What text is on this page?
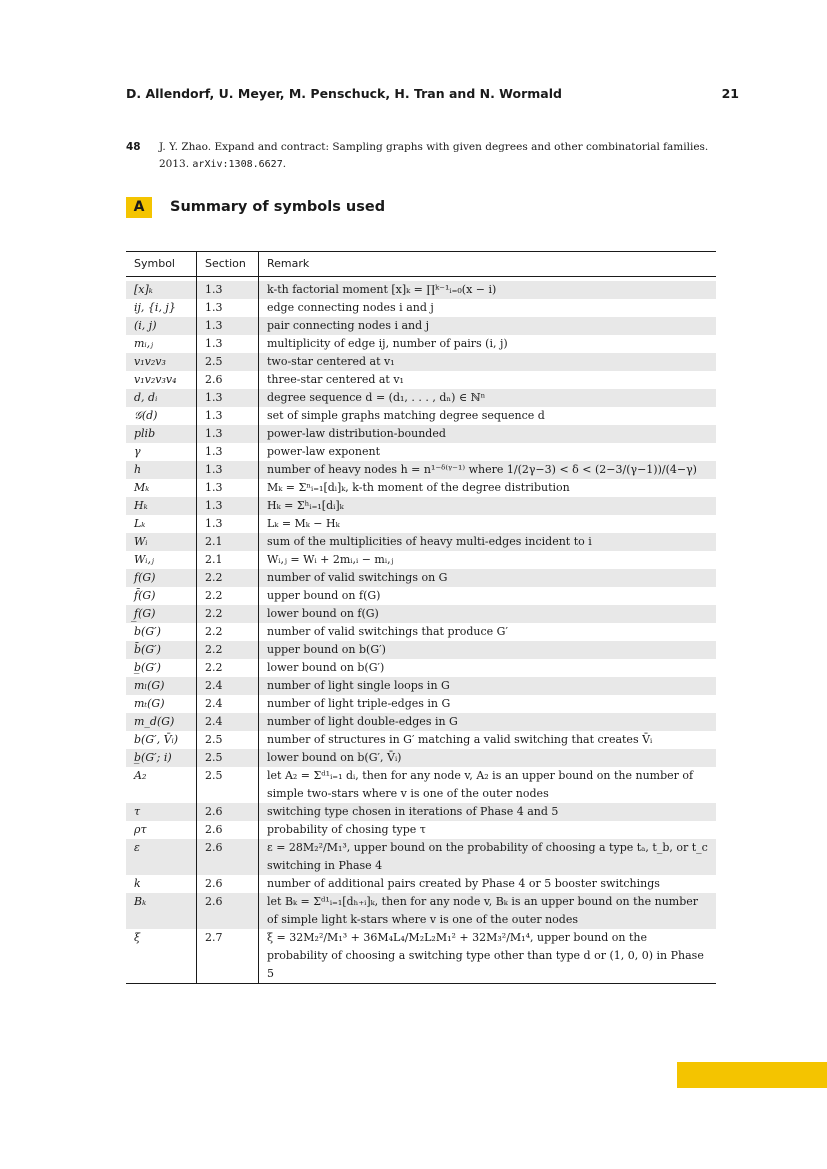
D. Allendorf, U. Meyer, M. Penschuck, H. Tran and N. Wormald	21
48 J. Y. Zhao. Expand and contract: Sampling graphs with given degrees and other combinatorial families. 2013. arXiv:1308.6627.
A	Summary of symbols used
Symbol	Section	Remark
[x]ₖ	1.3	k-th factorial moment [x]ₖ = ∏ᵏ⁻¹ᵢ₌₀(x − i)
ij, {i, j}	1.3	edge connecting nodes i and j
(i, j)	1.3	pair connecting nodes i and j
mᵢ,ⱼ	1.3	multiplicity of edge ij, number of pairs (i, j)
v₁v₂v₃	2.5	two-star centered at v₁
v₁v₂v₃v₄	2.6	three-star centered at v₁
d, dᵢ	1.3	degree sequence d = (d₁, . . . , dₙ) ∈ ℕⁿ
𝒢(d)	1.3	set of simple graphs matching degree sequence d
plib	1.3	power-law distribution-bounded
γ	1.3	power-law exponent
h	1.3	number of heavy nodes h = n¹⁻ᵟ⁽ᵞ⁻¹⁾ where 1/(2γ−3) < δ < (2−3/(γ−1))/(4−γ)
Mₖ	1.3	Mₖ = Σⁿᵢ₌₁[dᵢ]ₖ, k-th moment of the degree distribution
Hₖ	1.3	Hₖ = Σʰᵢ₌₁[dᵢ]ₖ
Lₖ	1.3	Lₖ = Mₖ − Hₖ
Wᵢ	2.1	sum of the multiplicities of heavy multi-edges incident to i
Wᵢ,ⱼ	2.1	Wᵢ,ⱼ = Wᵢ + 2mᵢ,ᵢ − mᵢ,ⱼ
f(G)	2.2	number of valid switchings on G
f̄(G)	2.2	upper bound on f(G)
f̲(G)	2.2	lower bound on f(G)
b(G′)	2.2	number of valid switchings that produce G′
b̄(G′)	2.2	upper bound on b(G′)
b̲(G′)	2.2	lower bound on b(G′)
mₗ(G)	2.4	number of light single loops in G
mₜ(G)	2.4	number of light triple-edges in G
m_d(G)	2.4	number of light double-edges in G
b(G′, V̄ᵢ)	2.5	number of structures in G′ matching a valid switching that creates V̄ᵢ
b̲(G′; i)	2.5	lower bound on b(G′, V̄ᵢ)
A₂	2.5	let A₂ = Σᵈ¹ᵢ₌₁ dᵢ, then for any node v, A₂ is an upper bound on the number of simple two-stars where v is one of the outer nodes
τ	2.6	switching type chosen in iterations of Phase 4 and 5
ρτ	2.6	probability of chosing type τ
ε	2.6	ε = 28M₂²/M₁³, upper bound on the probability of choosing a type tₐ, t_b, or t_c switching in Phase 4
k	2.6	number of additional pairs created by Phase 4 or 5 booster switchings
Bₖ	2.6	let Bₖ = Σᵈ¹ᵢ₌₁[dₕ₊ᵢ]ₖ, then for any node v, Bₖ is an upper bound on the number of simple light k-stars where v is one of the outer nodes
ξ	2.7	ξ = 32M₂²/M₁³ + 36M₄L₄/M₂L₂M₁² + 32M₃²/M₁⁴, upper bound on the probability of choosing a switching type other than type d or (1, 0, 0) in Phase 5
